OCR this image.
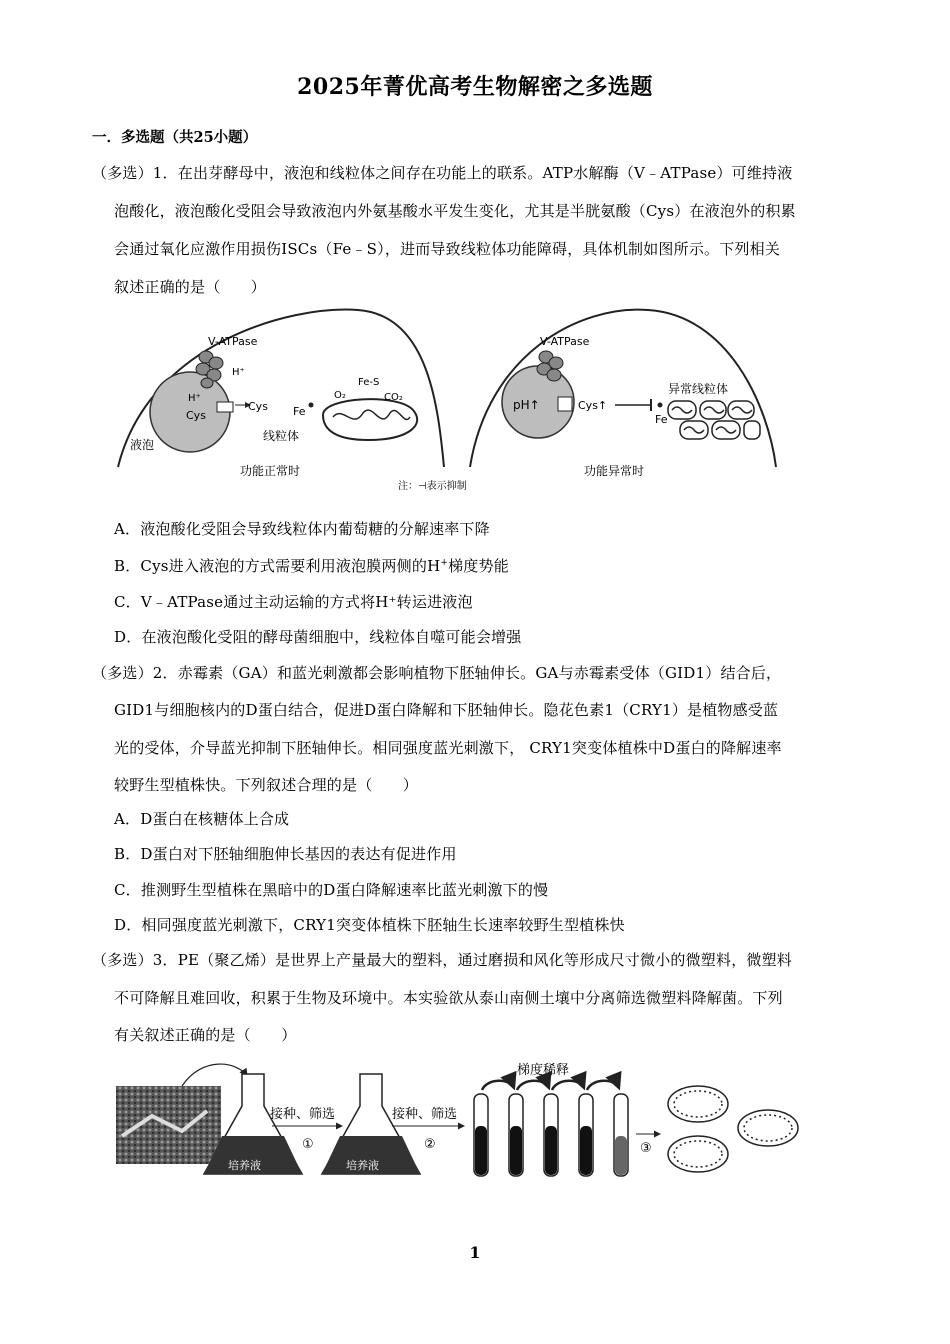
2025年菁优高考生物解密之多选题
一．多选题（共25小题）
（多选）1．在出芽酵母中，液泡和线粒体之间存在功能上的联系。ATP水解酶（V﹣ATPase）可维持液
泡酸化，液泡酸化受阻会导致液泡内外氨基酸水平发生变化，尤其是半胱氨酸（Cys）在液泡外的积累
会通过氧化应激作用损伤ISCs（Fe﹣S），进而导致线粒体功能障碍，具体机制如图所示。下列相关
叙述正确的是（　　）
V-ATPase
H⁺
H⁺
Cys
Cys
液泡
Fe
Fe-S
O₂	CO₂
线粒体
功能正常时
注：⊣表示抑制
V-ATPase
pH↑	Cys↑
Fe
异常线粒体
功能异常时
A．液泡酸化受阻会导致线粒体内葡萄糖的分解速率下降
B．Cys进入液泡的方式需要利用液泡膜两侧的H+梯度势能
C．V﹣ATPase通过主动运输的方式将H⁺转运进液泡
D．在液泡酸化受阻的酵母菌细胞中，线粒体自噬可能会增强
（多选）2．赤霉素（GA）和蓝光刺激都会影响植物下胚轴伸长。GA与赤霉素受体（GID1）结合后，
GID1与细胞核内的D蛋白结合，促进D蛋白降解和下胚轴伸长。隐花色素1（CRY1）是植物感受蓝
光的受体，介导蓝光抑制下胚轴伸长。相同强度蓝光刺激下， CRY1突变体植株中D蛋白的降解速率
较野生型植株快。下列叙述合理的是（　　）
A．D蛋白在核糖体上合成
B．D蛋白对下胚轴细胞伸长基因的表达有促进作用
C．推测野生型植株在黑暗中的D蛋白降解速率比蓝光刺激下的慢
D．相同强度蓝光刺激下，CRY1突变体植株下胚轴生长速率较野生型植株快
（多选）3．PE（聚乙烯）是世界上产量最大的塑料，通过磨损和风化等形成尺寸微小的微塑料，微塑料
不可降解且难回收，积累于生物及环境中。本实验欲从泰山南侧土壤中分离筛选微塑料降解菌。下列
有关叙述正确的是（　　）
培养液
接种、筛选
①
培养液
接种、筛选
②
梯度稀释
③
1
